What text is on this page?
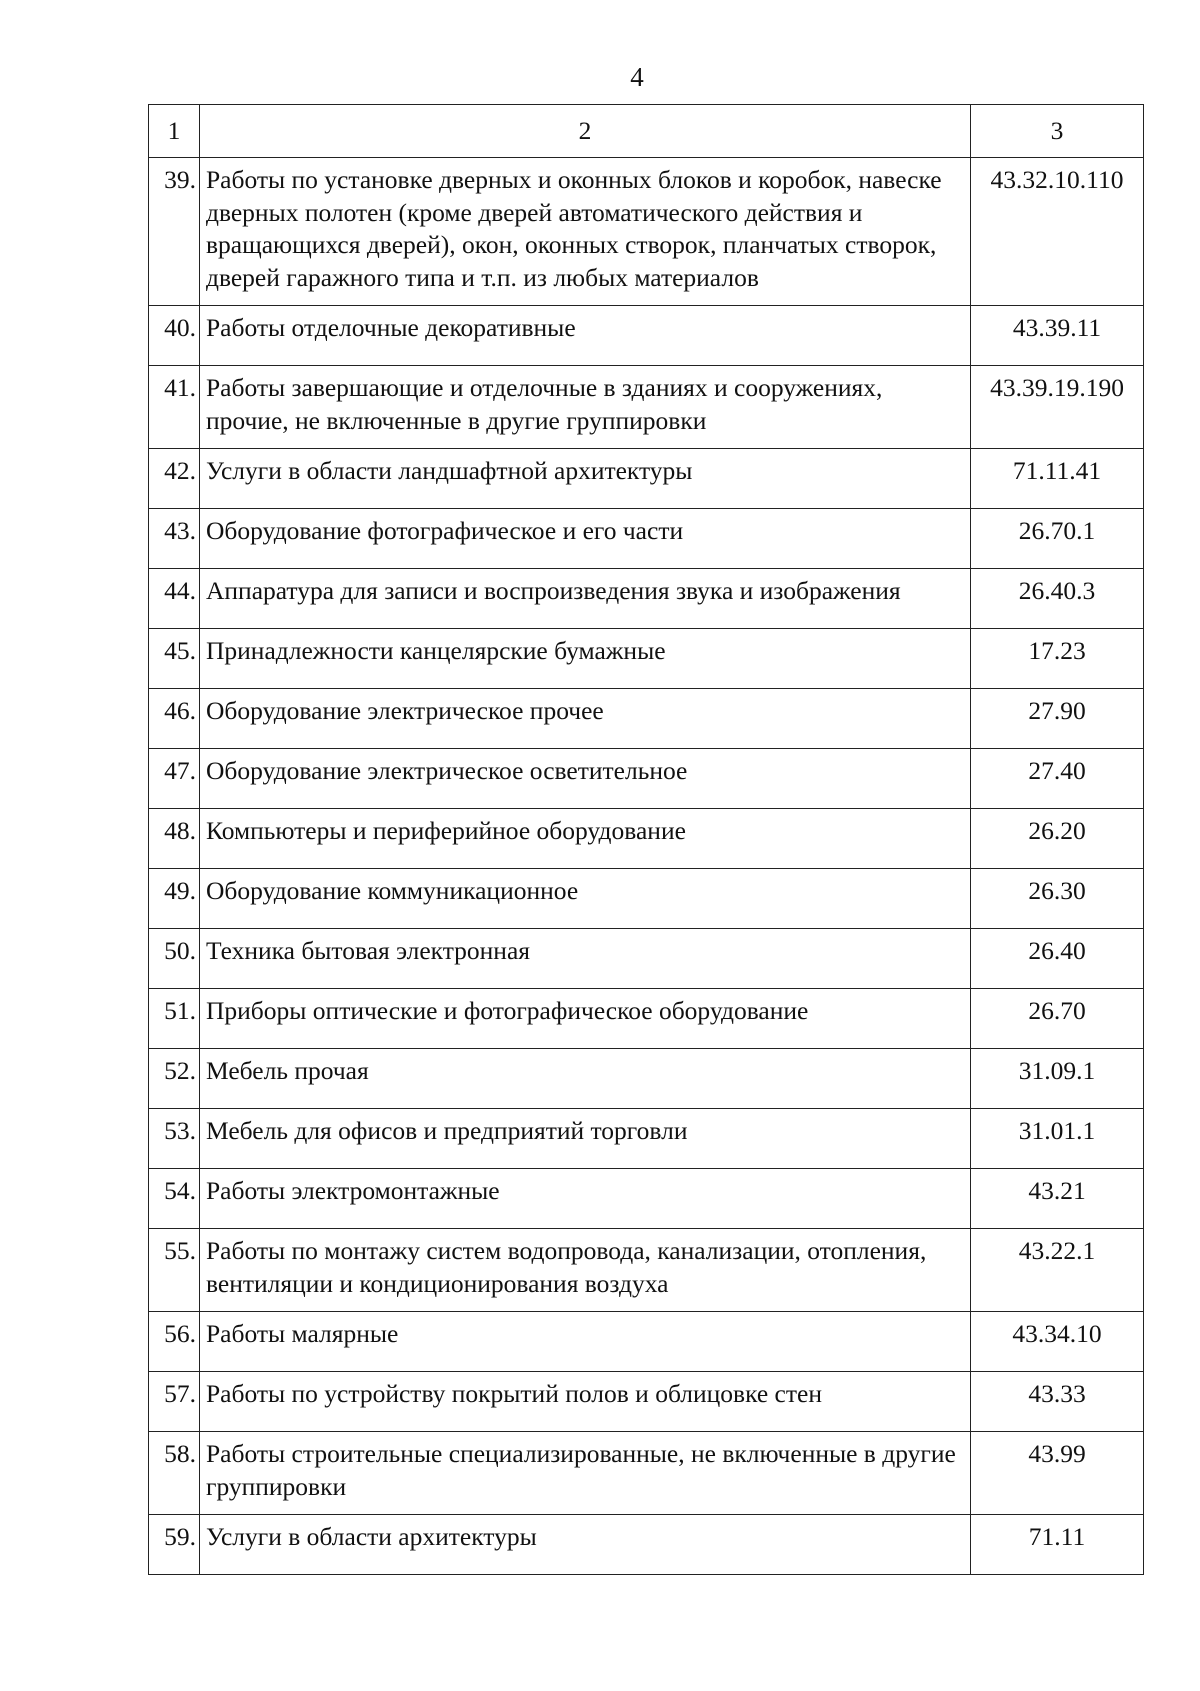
4
1	2	3
39.	Работы по установке дверных и оконных блоков и коробок, навеске дверных полотен (кроме дверей автоматического действия и вращающихся дверей), окон, оконных створок, планчатых створок, дверей гаражного типа и т.п. из любых материалов	43.32.10.110
40.	Работы отделочные декоративные	43.39.11
41.	Работы завершающие и отделочные в зданиях и сооружениях, прочие, не включенные в другие группировки	43.39.19.190
42.	Услуги в области ландшафтной архитектуры	71.11.41
43.	Оборудование фотографическое и его части	26.70.1
44.	Аппаратура для записи и воспроизведения звука и изображения	26.40.3
45.	Принадлежности канцелярские бумажные	17.23
46.	Оборудование электрическое прочее	27.90
47.	Оборудование электрическое осветительное	27.40
48.	Компьютеры и периферийное оборудование	26.20
49.	Оборудование коммуникационное	26.30
50.	Техника бытовая электронная	26.40
51.	Приборы оптические и фотографическое оборудование	26.70
52.	Мебель прочая	31.09.1
53.	Мебель для офисов и предприятий торговли	31.01.1
54.	Работы электромонтажные	43.21
55.	Работы по монтажу систем водопровода, канализации, отопления, вентиляции и кондиционирования воздуха	43.22.1
56.	Работы малярные	43.34.10
57.	Работы по устройству покрытий полов и облицовке стен	43.33
58.	Работы строительные специализированные, не включенные в другие группировки	43.99
59.	Услуги в области архитектуры	71.11
